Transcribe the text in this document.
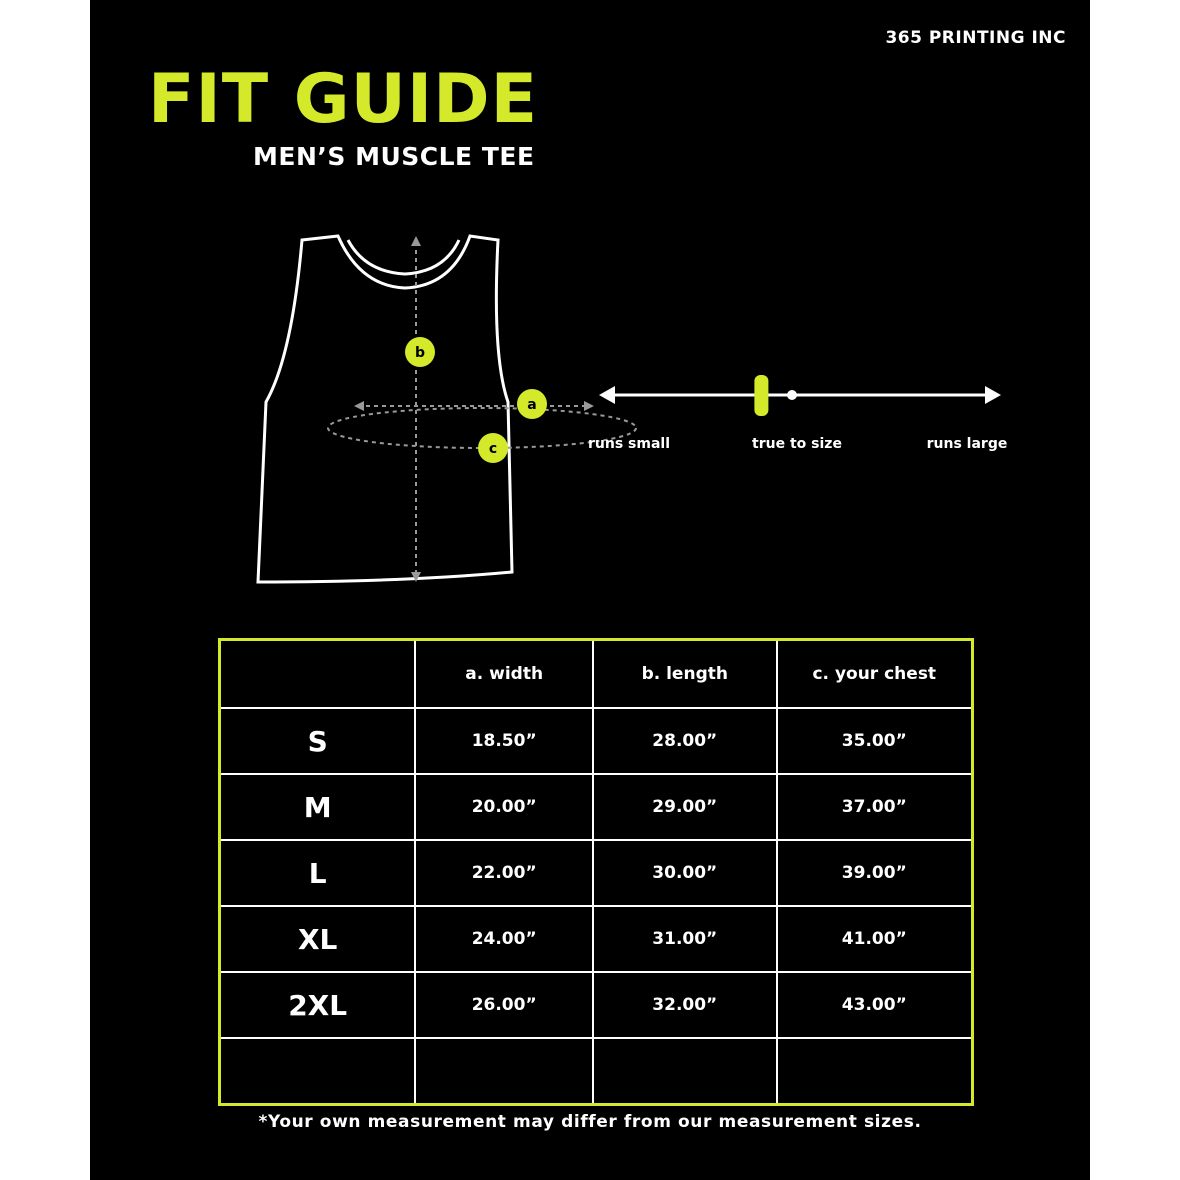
365 PRINTING INC
FIT GUIDE
MEN’S MUSCLE TEE
b
a
c	runs small	true to size	runs large
	a. width	b. length	c. your chest
S	18.50”	28.00”	35.00”
M	20.00”	29.00”	37.00”
L	22.00”	30.00”	39.00”
XL	24.00”	31.00”	41.00”
2XL	26.00”	32.00”	43.00”

*Your own measurement may differ from our measurement sizes.
